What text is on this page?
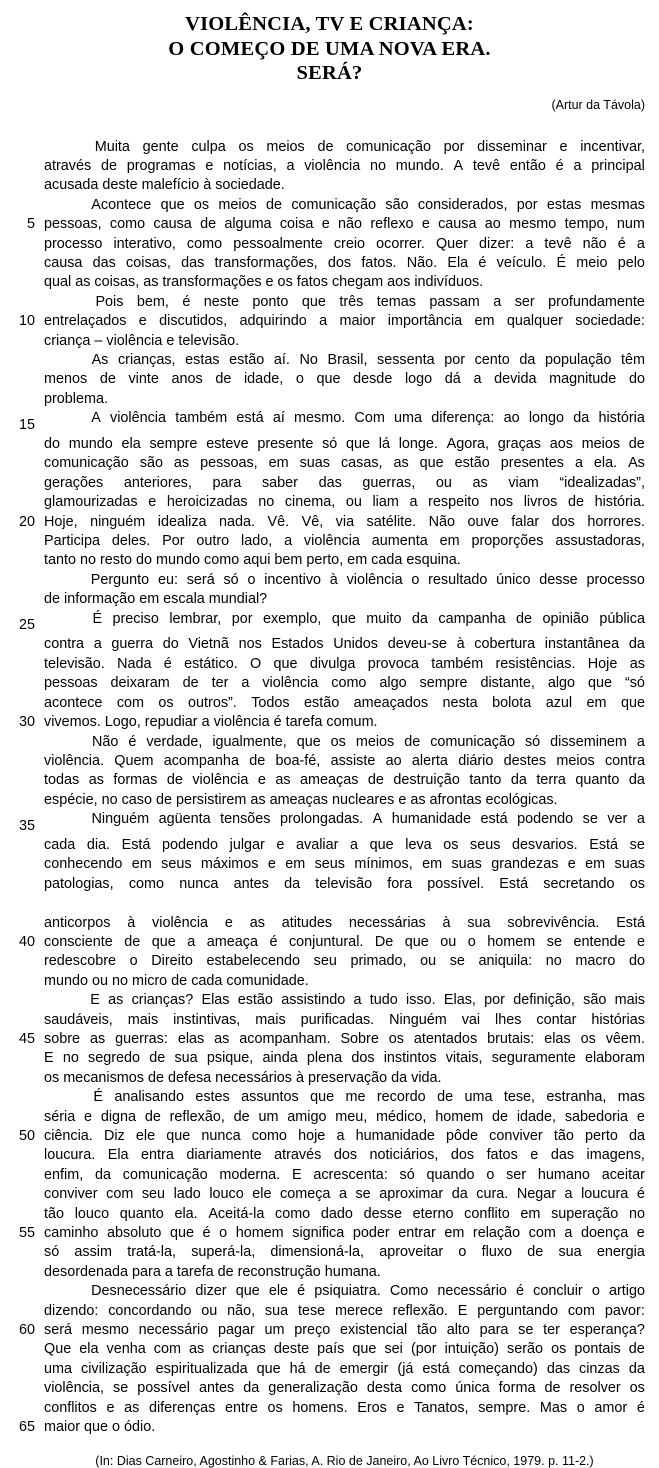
VIOLÊNCIA, TV E CRIANÇA:
O COMEÇO DE UMA NOVA ERA.
SERÁ?
(Artur da Távola)
Muita gente culpa os meios de comunicação por disseminar e incentivar,
através de programas e notícias, a violência no mundo. A tevê então é a principal
acusada deste malefício à sociedade.
Acontece que os meios de comunicação são considerados, por estas mesmas
5 pessoas, como causa de alguma coisa e não reflexo e causa ao mesmo tempo, num
processo interativo, como pessoalmente creio ocorrer. Quer dizer: a tevê não é a
causa das coisas, das transformações, dos fatos. Não. Ela é veículo. É meio pelo
qual as coisas, as transformações e os fatos chegam aos indivíduos.
Pois bem, é neste ponto que três temas passam a ser profundamente
10 entrelaçados e discutidos, adquirindo a maior importância em qualquer sociedade:
criança – violência e televisão.
As crianças, estas estão aí. No Brasil, sessenta por cento da população têm
menos de vinte anos de idade, o que desde logo dá a devida magnitude do
problema.
15	A violência também está aí mesmo. Com uma diferença: ao longo da história
do mundo ela sempre esteve presente só que lá longe. Agora, graças aos meios de
comunicação são as pessoas, em suas casas, as que estão presentes a ela. As
gerações anteriores, para saber das guerras, ou as viam “idealizadas”,
glamourizadas e heroicizadas no cinema, ou liam a respeito nos livros de história.
20 Hoje, ninguém idealiza nada. Vê. Vê, via satélite. Não ouve falar dos horrores.
Participa deles. Por outro lado, a violência aumenta em proporções assustadoras,
tanto no resto do mundo como aqui bem perto, em cada esquina.
Pergunto eu: será só o incentivo à violência o resultado único desse processo
de informação em escala mundial?
25	É preciso lembrar, por exemplo, que muito da campanha de opinião pública
contra a guerra do Vietnã nos Estados Unidos deveu-se à cobertura instantânea da
televisão. Nada é estático. O que divulga provoca também resistências. Hoje as
pessoas deixaram de ter a violência como algo sempre distante, algo que “só
acontece com os outros”. Todos estão ameaçados nesta bolota azul em que
30 vivemos. Logo, repudiar a violência é tarefa comum.
Não é verdade, igualmente, que os meios de comunicação só disseminem a
violência. Quem acompanha de boa-fé, assiste ao alerta diário destes meios contra
todas as formas de violência e as ameaças de destruição tanto da terra quanto da
espécie, no caso de persistirem as ameaças nucleares e as afrontas ecológicas.
35	Ninguém agüenta tensões prolongadas. A humanidade está podendo se ver a
cada dia. Está podendo julgar e avaliar a que leva os seus desvarios. Está se
conhecendo em seus máximos e em seus mínimos, em suas grandezas e em suas
patologias, como nunca antes da televisão fora possível. Está secretando os
anticorpos à violência e as atitudes necessárias à sua sobrevivência. Está
40 consciente de que a ameaça é conjuntural. De que ou o homem se entende e
redescobre o Direito estabelecendo seu primado, ou se aniquila: no macro do
mundo ou no micro de cada comunidade.
E as crianças? Elas estão assistindo a tudo isso. Elas, por definição, são mais
saudáveis, mais instintivas, mais purificadas. Ninguém vai lhes contar histórias
45 sobre as guerras: elas as acompanham. Sobre os atentados brutais: elas os vêem.
E no segredo de sua psique, ainda plena dos instintos vitais, seguramente elaboram
os mecanismos de defesa necessários à preservação da vida.
É analisando estes assuntos que me recordo de uma tese, estranha, mas
séria e digna de reflexão, de um amigo meu, médico, homem de idade, sabedoria e
50 ciência. Diz ele que nunca como hoje a humanidade pôde conviver tão perto da
loucura. Ela entra diariamente através dos noticiários, dos fatos e das imagens,
enfim, da comunicação moderna. E acrescenta: só quando o ser humano aceitar
conviver com seu lado louco ele começa a se aproximar da cura. Negar a loucura é
tão louco quanto ela. Aceitá-la como dado desse eterno conflito em superação no
55 caminho absoluto que é o homem significa poder entrar em relação com a doença e
só assim tratá-la, superá-la, dimensioná-la, aproveitar o fluxo de sua energia
desordenada para a tarefa de reconstrução humana.
Desnecessário dizer que ele é psiquiatra. Como necessário é concluir o artigo
dizendo: concordando ou não, sua tese merece reflexão. E perguntando com pavor:
60 será mesmo necessário pagar um preço existencial tão alto para se ter esperança?
Que ela venha com as crianças deste país que sei (por intuição) serão os pontais de
uma civilização espiritualizada que há de emergir (já está começando) das cinzas da
violência, se possível antes da generalização desta como única forma de resolver os
conflitos e as diferenças entre os homens. Eros e Tanatos, sempre. Mas o amor é
65 maior que o ódio.
(In: Dias Carneiro, Agostinho & Farias, A. Rio de Janeiro, Ao Livro Técnico, 1979. p. 11-2.)
